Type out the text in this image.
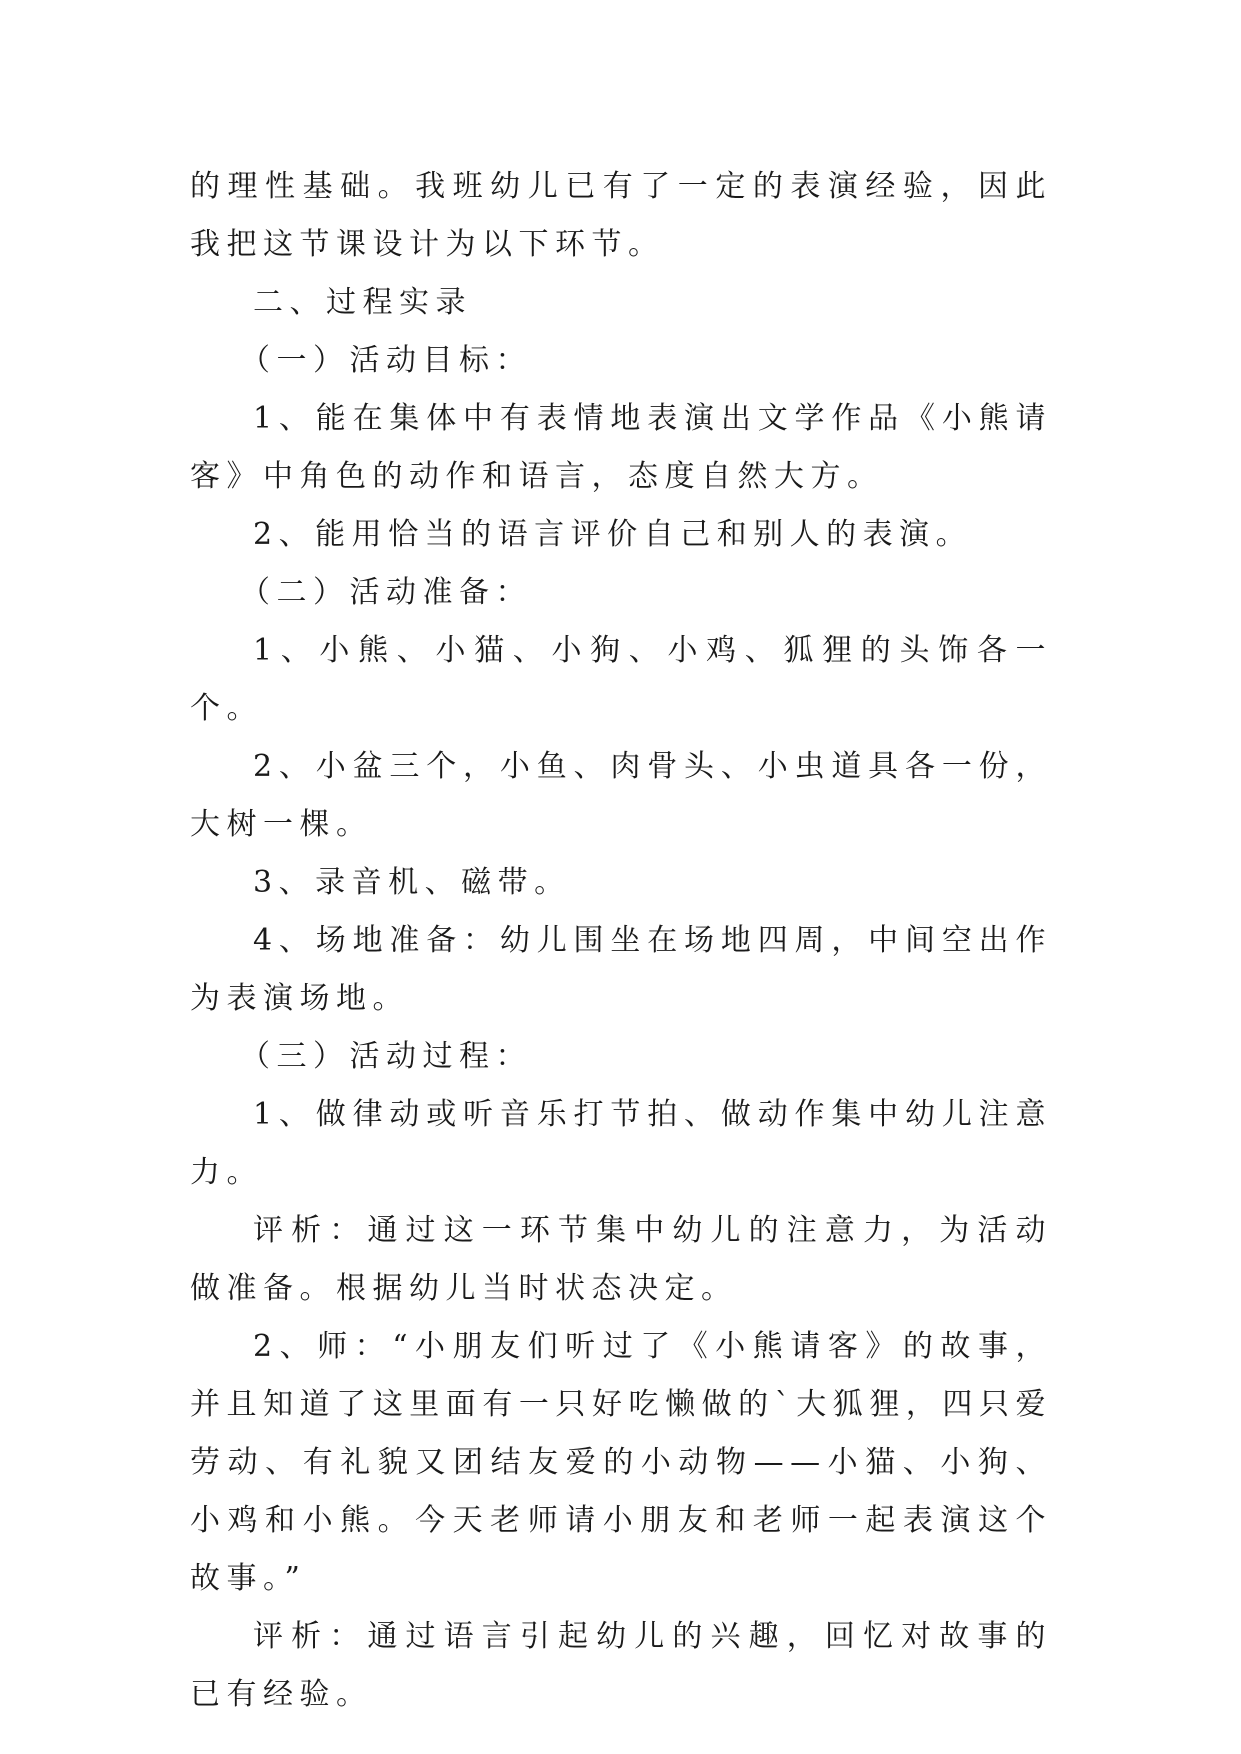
的理性基础。我班幼儿已有了一定的表演经验，因此我把这节课设计为以下环节。

二、过程实录

（一）活动目标：

1、能在集体中有表情地表演出文学作品《小熊请客》中角色的动作和语言，态度自然大方。

2、能用恰当的语言评价自己和别人的表演。

（二）活动准备：

1、小熊、小猫、小狗、小鸡、狐狸的头饰各一个。

2、小盆三个，小鱼、肉骨头、小虫道具各一份，大树一棵。

3、录音机、磁带。

4、场地准备：幼儿围坐在场地四周，中间空出作为表演场地。

（三）活动过程：

1、做律动或听音乐打节拍、做动作集中幼儿注意力。

评析：通过这一环节集中幼儿的注意力，为活动做准备。根据幼儿当时状态决定。

2、师：“小朋友们听过了《小熊请客》的故事，并且知道了这里面有一只好吃懒做的`大狐狸，四只爱劳动、有礼貌又团结友爱的小动物——小猫、小狗、小鸡和小熊。今天老师请小朋友和老师一起表演这个故事。”

评析：通过语言引起幼儿的兴趣，回忆对故事的已有经验。
